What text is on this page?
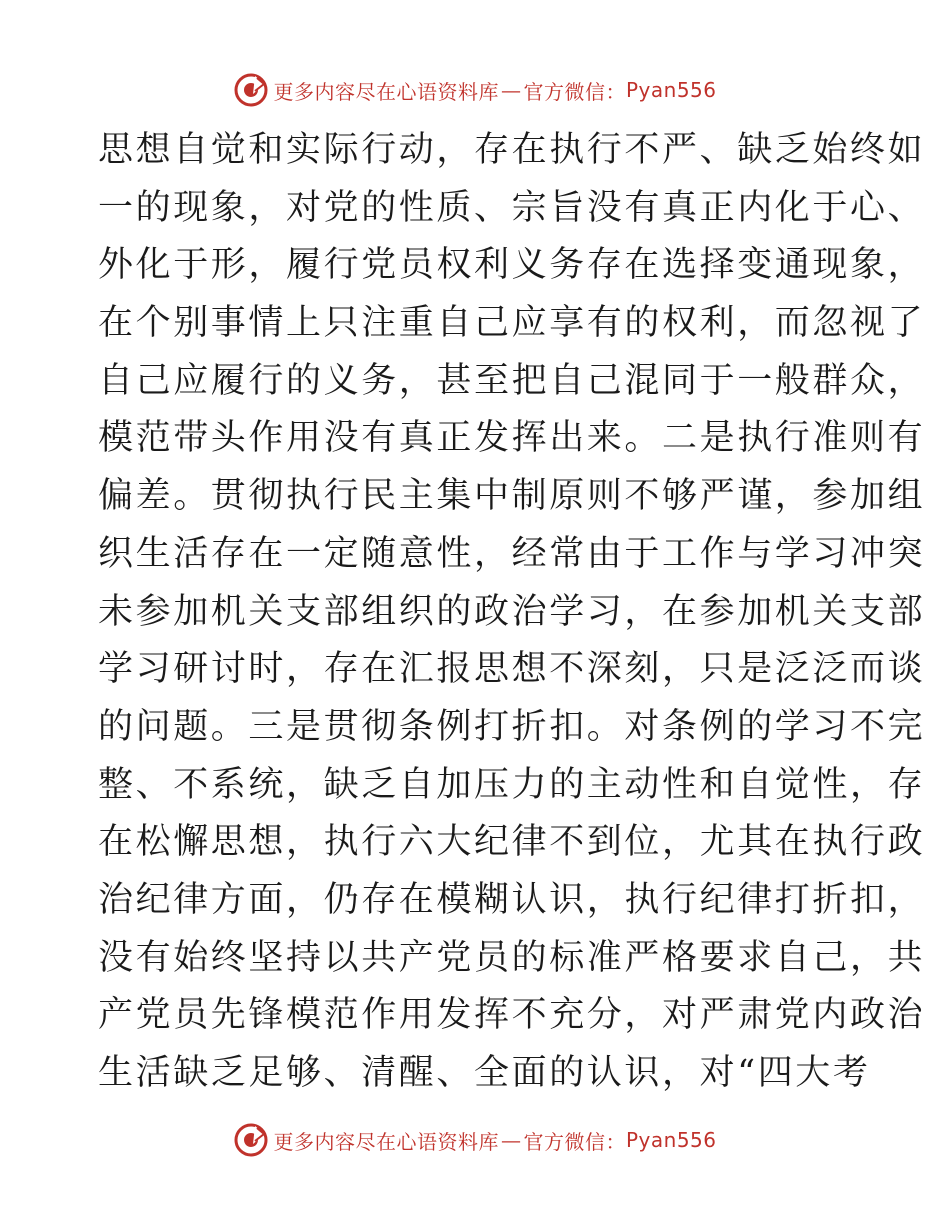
更多内容尽在心语资料库 — 官方微信： Pyan556
思想自觉和实际行动，存在执行不严、缺乏始终如
一的现象，对党的性质、宗旨没有真正内化于心、
外化于形，履行党员权利义务存在选择变通现象，
在个别事情上只注重自己应享有的权利，而忽视了
自己应履行的义务，甚至把自己混同于一般群众，
模范带头作用没有真正发挥出来。二是执行准则有
偏差。贯彻执行民主集中制原则不够严谨，参加组
织生活存在一定随意性，经常由于工作与学习冲突
未参加机关支部组织的政治学习，在参加机关支部
学习研讨时，存在汇报思想不深刻，只是泛泛而谈
的问题。三是贯彻条例打折扣。对条例的学习不完
整、不系统，缺乏自加压力的主动性和自觉性，存
在松懈思想，执行六大纪律不到位，尤其在执行政
治纪律方面，仍存在模糊认识，执行纪律打折扣，
没有始终坚持以共产党员的标准严格要求自己，共
产党员先锋模范作用发挥不充分，对严肃党内政治
生活缺乏足够、清醒、全面的认识，对“四大考
更多内容尽在心语资料库 — 官方微信： Pyan556
